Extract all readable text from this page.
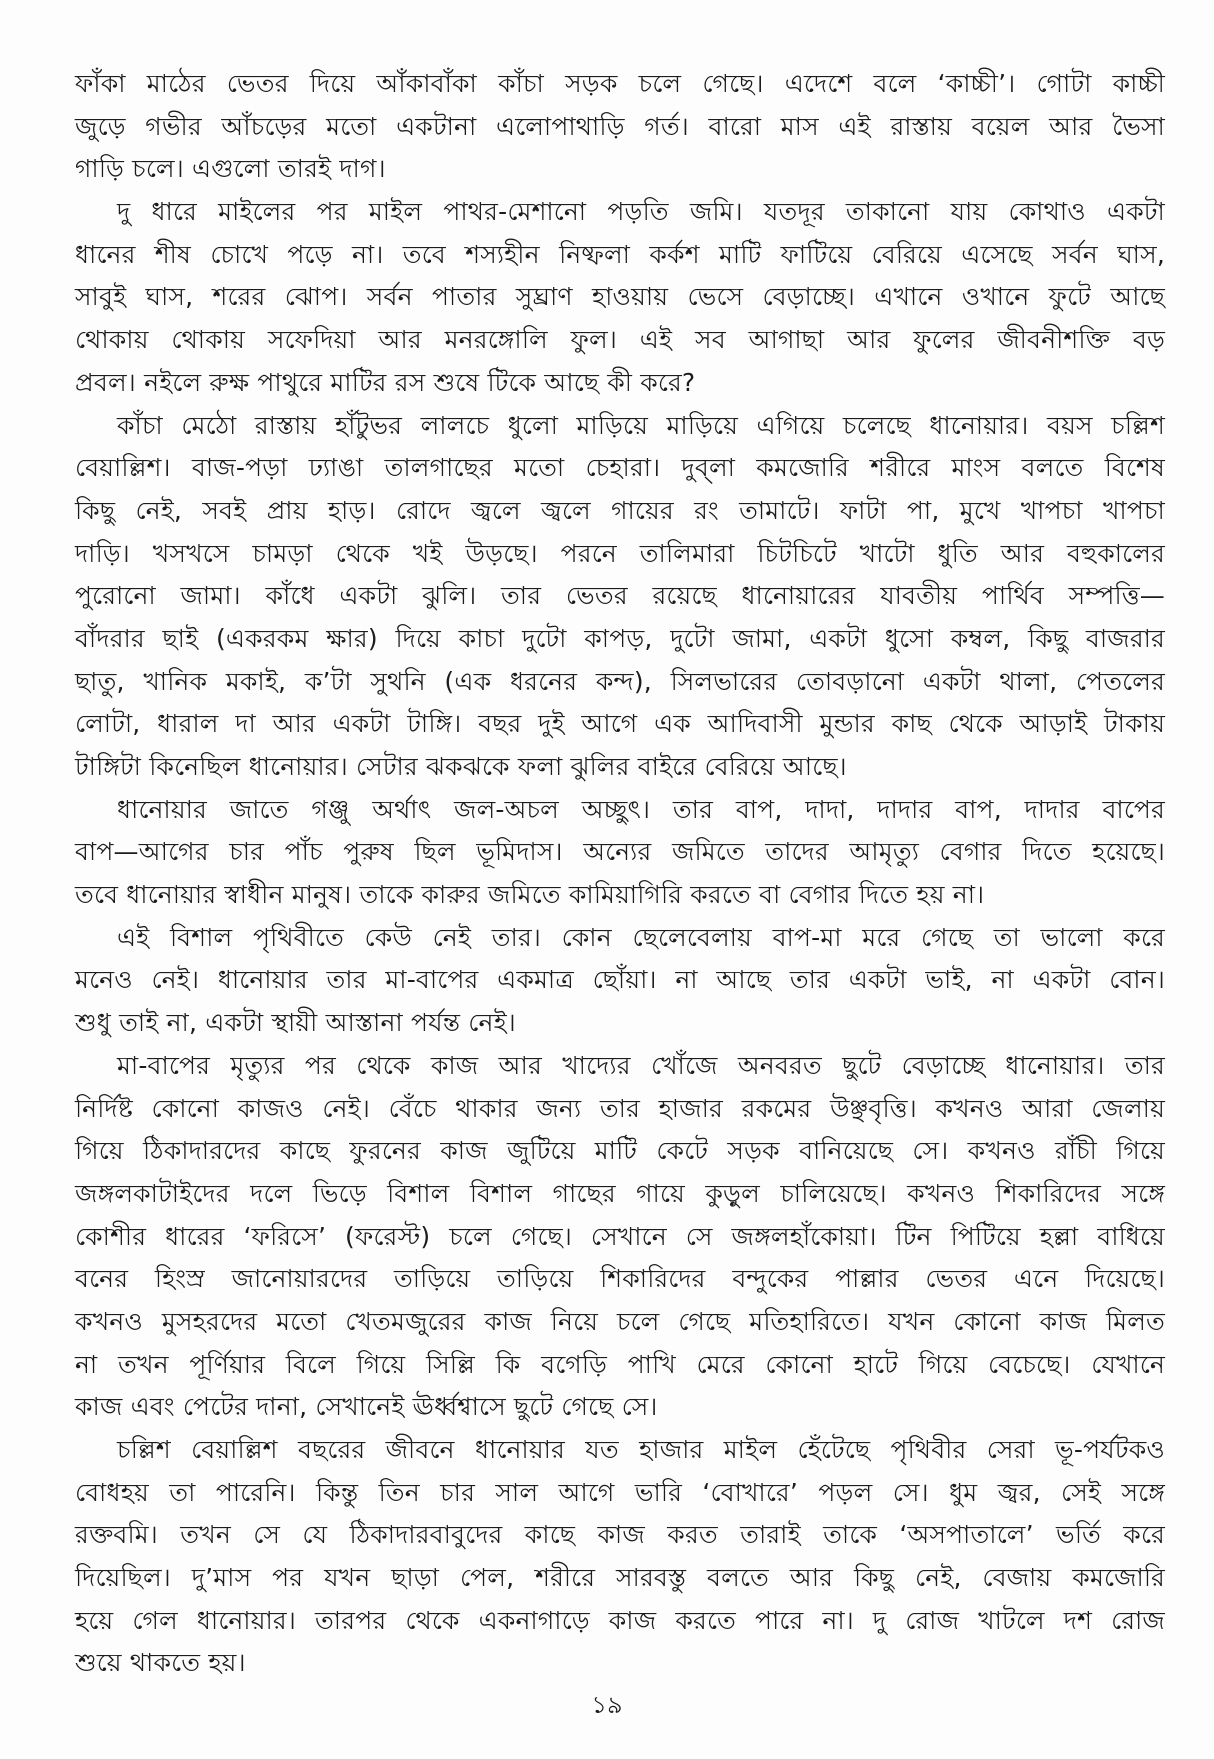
ফাঁকা মাঠের ভেতর দিয়ে আঁকাবাঁকা কাঁচা সড়ক চলে গেছে। এদেশে বলে ‘কাচ্চী’। গোটা কাচ্চী
জুড়ে গভীর আঁচড়ের মতো একটানা এলোপাথাড়ি গর্ত। বারো মাস এই রাস্তায় বয়েল আর ভৈসা
গাড়ি চলে। এগুলো তারই দাগ।
দু ধারে মাইলের পর মাইল পাথর-মেশানো পড়তি জমি। যতদূর তাকানো যায় কোথাও একটা
ধানের শীষ চোখে পড়ে না। তবে শস্যহীন নিষ্ফলা কর্কশ মাটি ফাটিয়ে বেরিয়ে এসেছে সর্বন ঘাস,
সাবুই ঘাস, শরের ঝোপ। সর্বন পাতার সুঘ্রাণ হাওয়ায় ভেসে বেড়াচ্ছে। এখানে ওখানে ফুটে আছে
থোকায় থোকায় সফেদিয়া আর মনরঙ্গোলি ফুল। এই সব আগাছা আর ফুলের জীবনীশক্তি বড়
প্রবল। নইলে রুক্ষ পাথুরে মাটির রস শুষে টিকে আছে কী করে?
কাঁচা মেঠো রাস্তায় হাঁটুভর লালচে ধুলো মাড়িয়ে মাড়িয়ে এগিয়ে চলেছে ধানোয়ার। বয়স চল্লিশ
বেয়াল্লিশ। বাজ-পড়া ঢ্যাঙা তালগাছের মতো চেহারা। দুব্‌লা কমজোরি শরীরে মাংস বলতে বিশেষ
কিছু নেই, সবই প্রায় হাড়। রোদে জ্বলে জ্বলে গায়ের রং তামাটে। ফাটা পা, মুখে খাপচা খাপচা
দাড়ি। খসখসে চামড়া থেকে খই উড়ছে। পরনে তালিমারা চিটচিটে খাটো ধুতি আর বহুকালের
পুরোনো জামা। কাঁধে একটা ঝুলি। তার ভেতর রয়েছে ধানোয়ারের যাবতীয় পার্থিব সম্পত্তি—
বাঁদরার ছাই (একরকম ক্ষার) দিয়ে কাচা দুটো কাপড়, দুটো জামা, একটা ধুসো কম্বল, কিছু বাজরার
ছাতু, খানিক মকাই, ক’টা সুথনি (এক ধরনের কন্দ), সিলভারের তোবড়ানো একটা থালা, পেতলের
লোটা, ধারাল দা আর একটা টাঙ্গি। বছর দুই আগে এক আদিবাসী মুন্ডার কাছ থেকে আড়াই টাকায়
টাঙ্গিটা কিনেছিল ধানোয়ার। সেটার ঝকঝকে ফলা ঝুলির বাইরে বেরিয়ে আছে।
ধানোয়ার জাতে গঞ্জু অর্থাৎ জল-অচল অচ্ছুৎ। তার বাপ, দাদা, দাদার বাপ, দাদার বাপের
বাপ—আগের চার পাঁচ পুরুষ ছিল ভূমিদাস। অন্যের জমিতে তাদের আমৃত্যু বেগার দিতে হয়েছে।
তবে ধানোয়ার স্বাধীন মানুষ। তাকে কারুর জমিতে কামিয়াগিরি করতে বা বেগার দিতে হয় না।
এই বিশাল পৃথিবীতে কেউ নেই তার। কোন ছেলেবেলায় বাপ-মা মরে গেছে তা ভালো করে
মনেও নেই। ধানোয়ার তার মা-বাপের একমাত্র ছোঁয়া। না আছে তার একটা ভাই, না একটা বোন।
শুধু তাই না, একটা স্থায়ী আস্তানা পর্যন্ত নেই।
মা-বাপের মৃত্যুর পর থেকে কাজ আর খাদ্যের খোঁজে অনবরত ছুটে বেড়াচ্ছে ধানোয়ার। তার
নির্দিষ্ট কোনো কাজও নেই। বেঁচে থাকার জন্য তার হাজার রকমের উঞ্ছবৃত্তি। কখনও আরা জেলায়
গিয়ে ঠিকাদারদের কাছে ফুরনের কাজ জুটিয়ে মাটি কেটে সড়ক বানিয়েছে সে। কখনও রাঁচী গিয়ে
জঙ্গলকাটাইদের দলে ভিড়ে বিশাল বিশাল গাছের গায়ে কুড়ুল চালিয়েছে। কখনও শিকারিদের সঙ্গে
কোশীর ধারের ‘ফরিসে’ (ফরেস্ট) চলে গেছে। সেখানে সে জঙ্গলহাঁকোয়া। টিন পিটিয়ে হল্লা বাধিয়ে
বনের হিংস্র জানোয়ারদের তাড়িয়ে তাড়িয়ে শিকারিদের বন্দুকের পাল্লার ভেতর এনে দিয়েছে।
কখনও মুসহরদের মতো খেতমজুরের কাজ নিয়ে চলে গেছে মতিহারিতে। যখন কোনো কাজ মিলত
না তখন পূর্ণিয়ার বিলে গিয়ে সিল্লি কি বগেড়ি পাখি মেরে কোনো হাটে গিয়ে বেচেছে। যেখানে
কাজ এবং পেটের দানা, সেখানেই ঊর্ধ্বশ্বাসে ছুটে গেছে সে।
চল্লিশ বেয়াল্লিশ বছরের জীবনে ধানোয়ার যত হাজার মাইল হেঁটেছে পৃথিবীর সেরা ভূ-পর্যটকও
বোধহয় তা পারেনি। কিন্তু তিন চার সাল আগে ভারি ‘বোখারে’ পড়ল সে। ধুম জ্বর, সেই সঙ্গে
রক্তবমি। তখন সে যে ঠিকাদারবাবুদের কাছে কাজ করত তারাই তাকে ‘অসপাতালে’ ভর্তি করে
দিয়েছিল। দু’মাস পর যখন ছাড়া পেল, শরীরে সারবস্তু বলতে আর কিছু নেই, বেজায় কমজোরি
হয়ে গেল ধানোয়ার। তারপর থেকে একনাগাড়ে কাজ করতে পারে না। দু রোজ খাটলে দশ রোজ
শুয়ে থাকতে হয়।
১৯
